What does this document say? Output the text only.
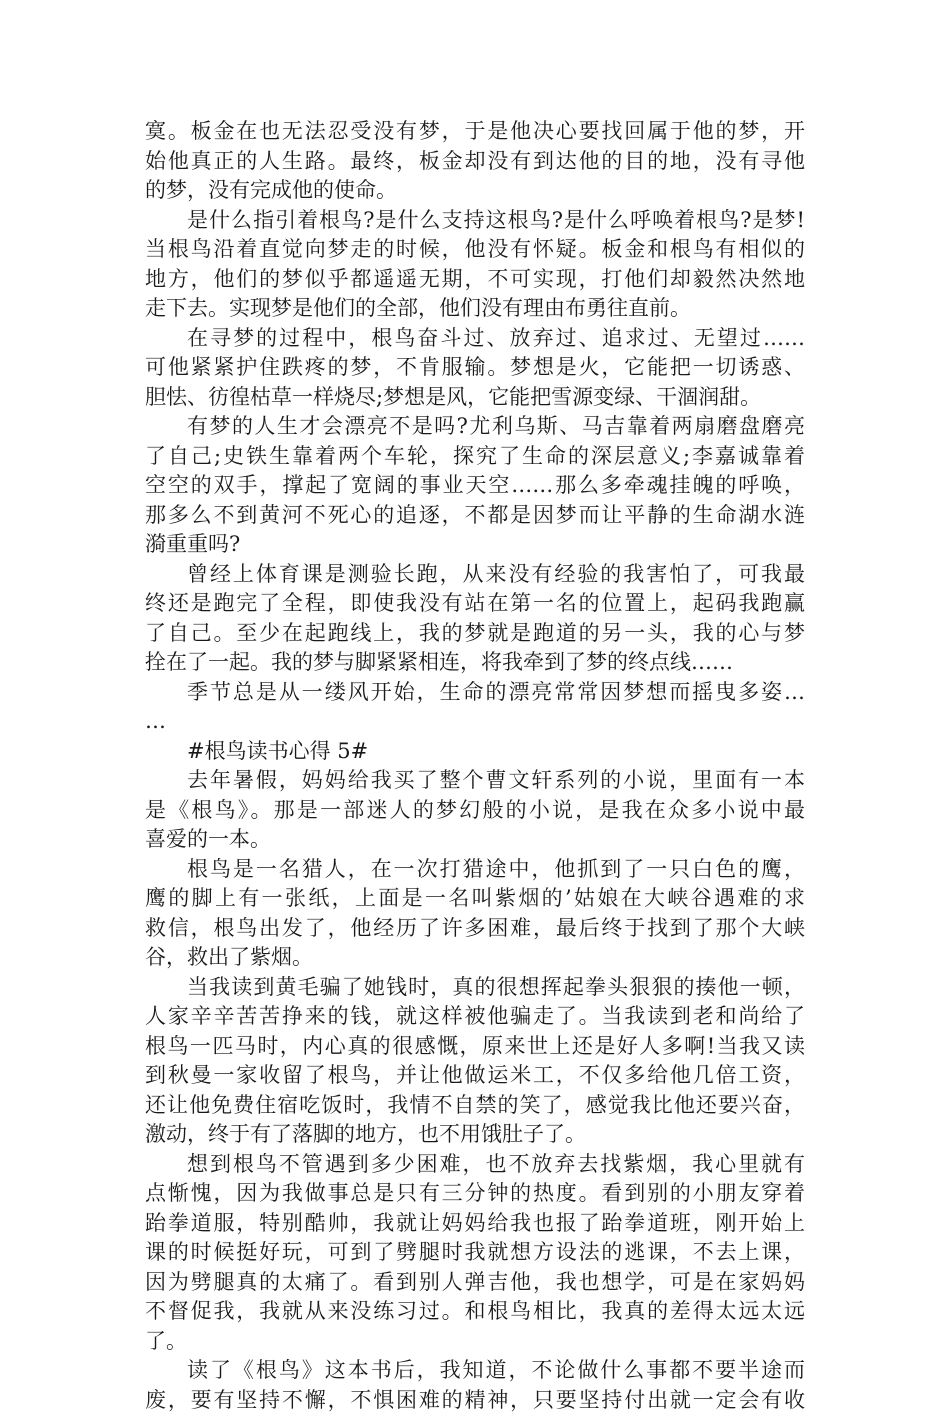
寞。板金在也无法忍受没有梦，于是他决心要找回属于他的梦，开
始他真正的人生路。最终，板金却没有到达他的目的地，没有寻他
的梦，没有完成他的使命。
是什么指引着根鸟?是什么支持这根鸟?是什么呼唤着根鸟?是梦!
当根鸟沿着直觉向梦走的时候，他没有怀疑。板金和根鸟有相似的
地方，他们的梦似乎都遥遥无期，不可实现，打他们却毅然决然地
走下去。实现梦是他们的全部，他们没有理由布勇往直前。
在寻梦的过程中，根鸟奋斗过、放弃过、追求过、无望过……
可他紧紧护住跌疼的梦，不肯服输。梦想是火，它能把一切诱惑、
胆怯、彷徨枯草一样烧尽;梦想是风，它能把雪源变绿、干涸润甜。
有梦的人生才会漂亮不是吗?尤利乌斯、马吉靠着两扇磨盘磨亮
了自己;史铁生靠着两个车轮，探究了生命的深层意义;李嘉诚靠着
空空的双手，撑起了宽阔的事业天空……那么多牵魂挂魄的呼唤，
那多么不到黄河不死心的追逐，不都是因梦而让平静的生命湖水涟
漪重重吗?
曾经上体育课是测验长跑，从来没有经验的我害怕了，可我最
终还是跑完了全程，即使我没有站在第一名的位置上，起码我跑赢
了自己。至少在起跑线上，我的梦就是跑道的另一头，我的心与梦
拴在了一起。我的梦与脚紧紧相连，将我牵到了梦的终点线……
季节总是从一缕风开始，生命的漂亮常常因梦想而摇曳多姿…
…
#根鸟读书心得 5#
去年暑假，妈妈给我买了整个曹文轩系列的小说，里面有一本
是《根鸟》。那是一部迷人的梦幻般的小说，是我在众多小说中最
喜爱的一本。
根鸟是一名猎人，在一次打猎途中，他抓到了一只白色的鹰，
鹰的脚上有一张纸，上面是一名叫紫烟的’姑娘在大峡谷遇难的求
救信，根鸟出发了，他经历了许多困难，最后终于找到了那个大峡
谷，救出了紫烟。
当我读到黄毛骗了她钱时，真的很想挥起拳头狠狠的揍他一顿，
人家辛辛苦苦挣来的钱，就这样被他骗走了。当我读到老和尚给了
根鸟一匹马时，内心真的很感慨，原来世上还是好人多啊!当我又读
到秋曼一家收留了根鸟，并让他做运米工，不仅多给他几倍工资，
还让他免费住宿吃饭时，我情不自禁的笑了，感觉我比他还要兴奋，
激动，终于有了落脚的地方，也不用饿肚子了。
想到根鸟不管遇到多少困难，也不放弃去找紫烟，我心里就有
点惭愧，因为我做事总是只有三分钟的热度。看到别的小朋友穿着
跆拳道服，特别酷帅，我就让妈妈给我也报了跆拳道班，刚开始上
课的时候挺好玩，可到了劈腿时我就想方设法的逃课，不去上课，
因为劈腿真的太痛了。看到别人弹吉他，我也想学，可是在家妈妈
不督促我，我就从来没练习过。和根鸟相比，我真的差得太远太远
了。
读了《根鸟》这本书后，我知道，不论做什么事都不要半途而
废，要有坚持不懈，不惧困难的精神，只要坚持付出就一定会有收
